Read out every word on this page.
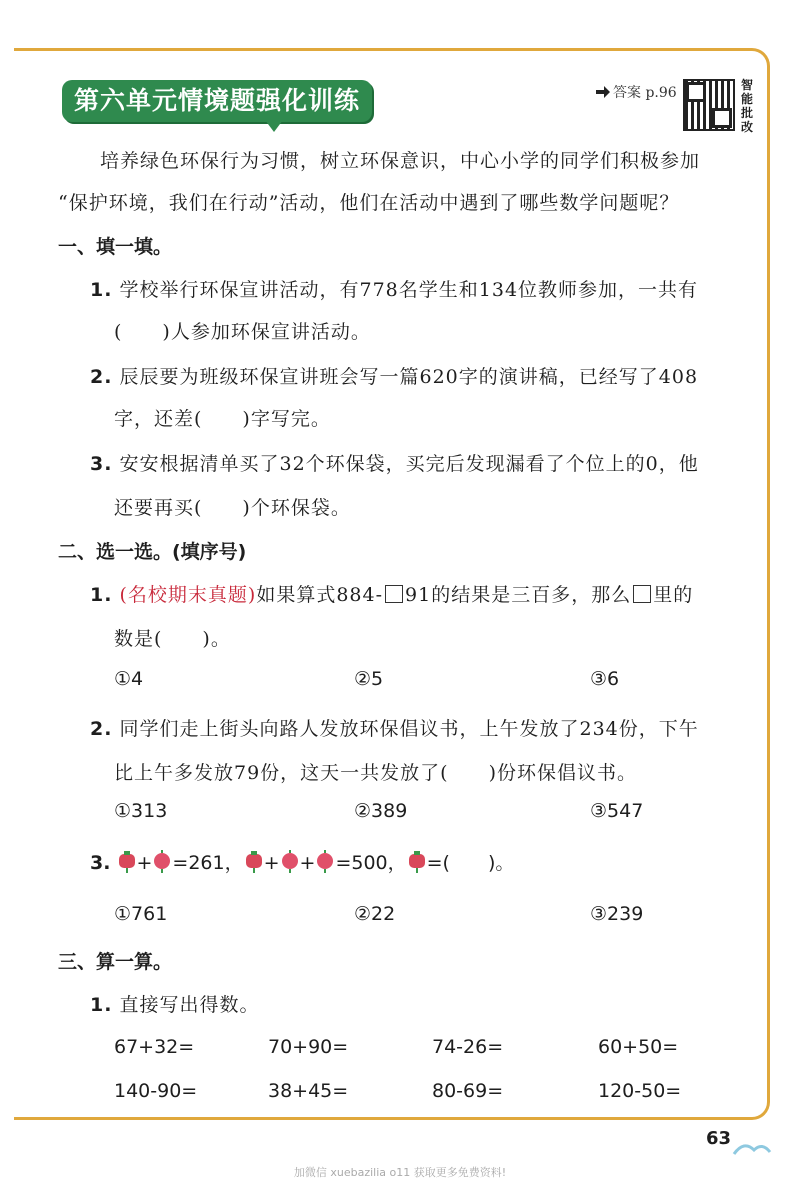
第六单元情境题强化训练	答案 p.96	智能批改
培养绿色环保行为习惯，树立环保意识，中心小学的同学们积极参加
“保护环境，我们在行动”活动，他们在活动中遇到了哪些数学问题呢？
一、填一填。
1. 学校举行环保宣讲活动，有778名学生和134位教师参加，一共有
(　　)人参加环保宣讲活动。
2. 辰辰要为班级环保宣讲班会写一篇620字的演讲稿，已经写了408
字，还差(　　)字写完。
3. 安安根据清单买了32个环保袋，买完后发现漏看了个位上的0，他
还要再买(　　)个环保袋。
二、选一选。(填序号)
1. (名校期末真题)如果算式884- 91的结果是三百多，那么 里的
数是(　　)。
①4	②5	③6
2. 同学们走上街头向路人发放环保倡议书，上午发放了234份，下午
比上午多发放79份，这天一共发放了(　　)份环保倡议书。
①313	②389	③547
3. + =261， + + =500， =(　　)。
①761	②22	③239
三、算一算。
1. 直接写出得数。
67+32=	70+90=	74-26=	60+50=
140-90=	38+45=	80-69=	120-50=
63
加微信 xuebazilia o11 获取更多免费资料!
